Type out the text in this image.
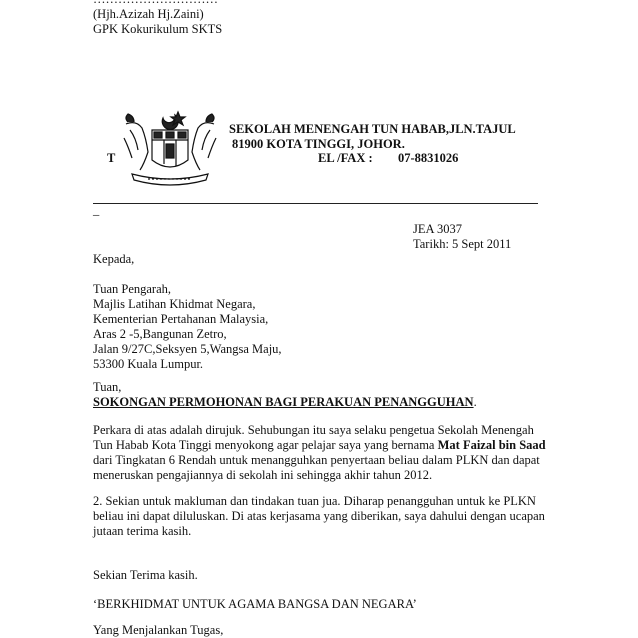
(Hjh.Azizah Hj.Zaini)
GPK Kokurikulum SKTS
SEKOLAH MENENGAH TUN HABAB,JLN.TAJUL
81900 KOTA TINGGI, JOHOR.
T	EL /FAX : 07-8831026
_
JEA 3037
Tarikh: 5 Sept 2011
Kepada,
Tuan Pengarah,
Majlis Latihan Khidmat Negara,
Kementerian Pertahanan Malaysia,
Aras 2 -5,Bangunan Zetro,
Jalan 9/27C,Seksyen 5,Wangsa Maju,
53300 Kuala Lumpur.
Tuan,
SOKONGAN PERMOHONAN BAGI PERAKUAN PENANGGUHAN.
Perkara di atas adalah dirujuk. Sehubungan itu saya selaku pengetua Sekolah Menengah Tun Habab Kota Tinggi menyokong agar pelajar saya yang bernama Mat Faizal bin Saad dari Tingkatan 6 Rendah untuk menangguhkan penyertaan beliau dalam PLKN dan dapat meneruskan pengajiannya di sekolah ini sehingga akhir tahun 2012.
2. Sekian untuk makluman dan tindakan tuan jua. Diharap penangguhan untuk ke PLKN beliau ini dapat diluluskan. Di atas kerjasama yang diberikan, saya dahului dengan ucapan jutaan terima kasih.
Sekian Terima kasih.
‘BERKHIDMAT UNTUK AGAMA BANGSA DAN NEGARA’
Yang Menjalankan Tugas,
